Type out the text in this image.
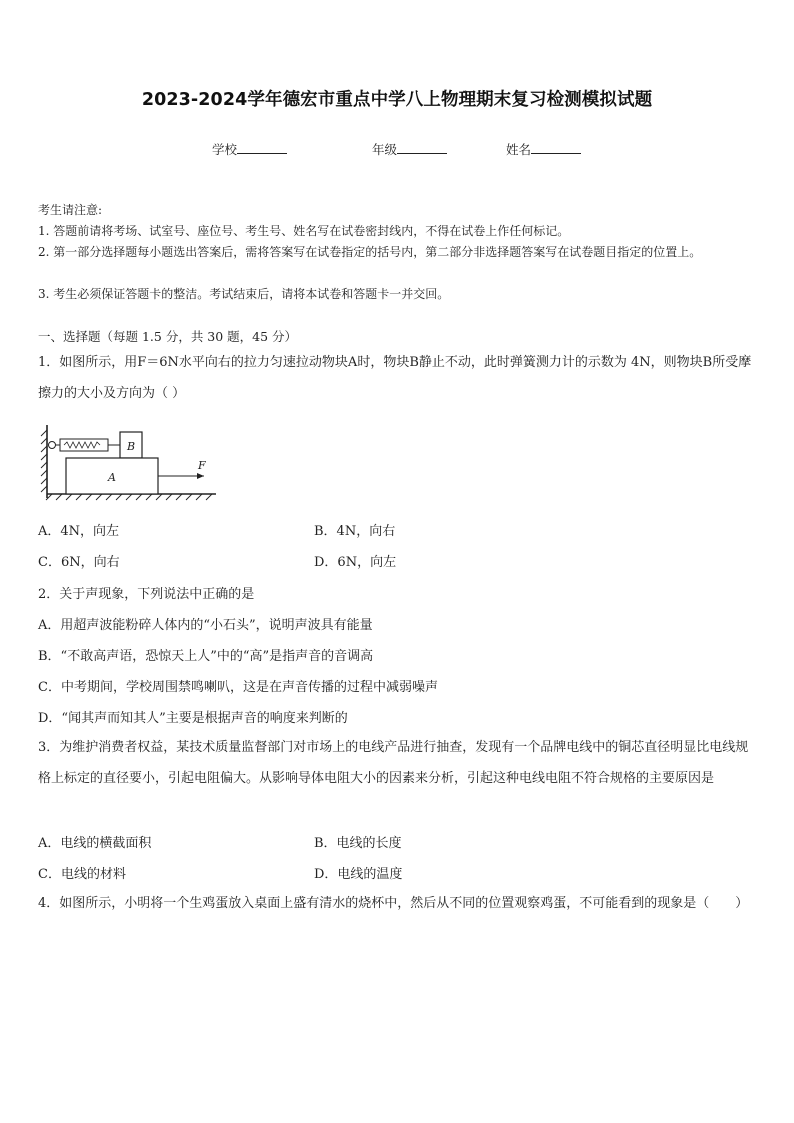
2023-2024学年德宏市重点中学八上物理期末复习检测模拟试题
学校	年级	姓名
考生请注意:
1. 答题前请将考场、试室号、座位号、考生号、姓名写在试卷密封线内，不得在试卷上作任何标记。
2. 第一部分选择题每小题选出答案后，需将答案写在试卷指定的括号内，第二部分非选择题答案写在试卷题目指定的位置上。
3. 考生必须保证答题卡的整洁。考试结束后，请将本试卷和答题卡一并交回。
一、选择题（每题 1.5 分，共 30 题，45 分）
1．如图所示，用F＝6N水平向右的拉力匀速拉动物块A时，物块B静止不动，此时弹簧测力计的示数为 4N，则物块B所受摩擦力的大小及方向为（ ）
B
A
F
A．4N，向左	B．4N，向右
C．6N，向右	D．6N，向左
2．关于声现象，下列说法中正确的是
A．用超声波能粉碎人体内的“小石头”，说明声波具有能量
B．“不敢高声语，恐惊天上人”中的“高”是指声音的音调高
C．中考期间，学校周围禁鸣喇叭，这是在声音传播的过程中减弱噪声
D．“闻其声而知其人”主要是根据声音的响度来判断的
3．为维护消费者权益，某技术质量监督部门对市场上的电线产品进行抽查，发现有一个品牌电线中的铜芯直径明显比电线规格上标定的直径要小，引起电阻偏大。从影响导体电阻大小的因素来分析，引起这种电线电阻不符合规格的主要原因是
A．电线的横截面积	B．电线的长度
C．电线的材料	D．电线的温度
4．如图所示，小明将一个生鸡蛋放入桌面上盛有清水的烧杯中，然后从不同的位置观察鸡蛋，不可能看到的现象是（　　）
